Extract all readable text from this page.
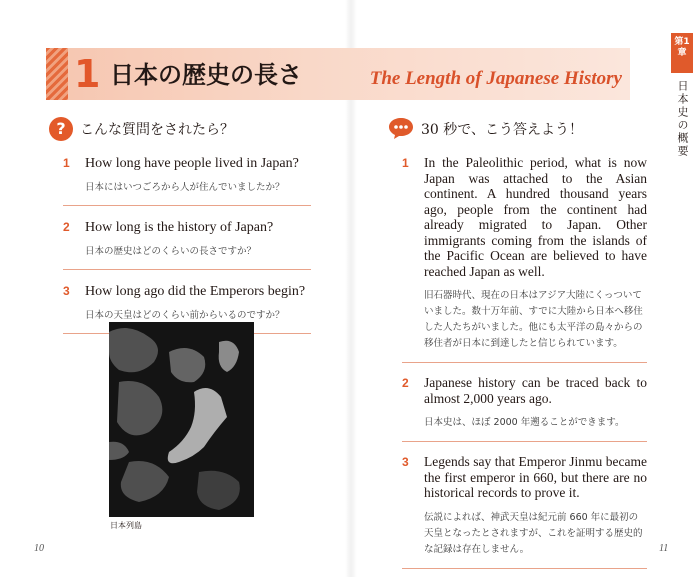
1 日本の歴史の長さ	The Length of Japanese History
第1章
日本史の概要
?	こんな質問をされたら？	30 秒で、こう答えよう！
1 How long have people lived in Japan?
日本にはいつごろから人が住んでいましたか？
2 How long is the history of Japan?
日本の歴史はどのくらいの長さですか？
3 How long ago did the Emperors begin?
日本の天皇はどのくらい前からいるのですか？
日本列島
1	In the Paleolithic period, what is now Japan was attached to the Asian continent. A hundred thousand years ago, people from the continent had already migrated to Japan. Other immigrants coming from the islands of the Pacific Ocean are believed to have reached Japan as well.
旧石器時代、現在の日本はアジア大陸にくっついていました。数十万年前、すでに大陸から日本へ移住した人たちがいました。他にも太平洋の島々からの移住者が日本に到達したと信じられています。
2	Japanese history can be traced back to almost 2,000 years ago.
日本史は、ほぼ 2000 年遡ることができます。
3	Legends say that Emperor Jinmu became the first emperor in 660, but there are no historical records to prove it.
伝説によれば、神武天皇は紀元前 660 年に最初の天皇となったとされますが、これを証明する歴史的な記録は存在しません。
10	11
